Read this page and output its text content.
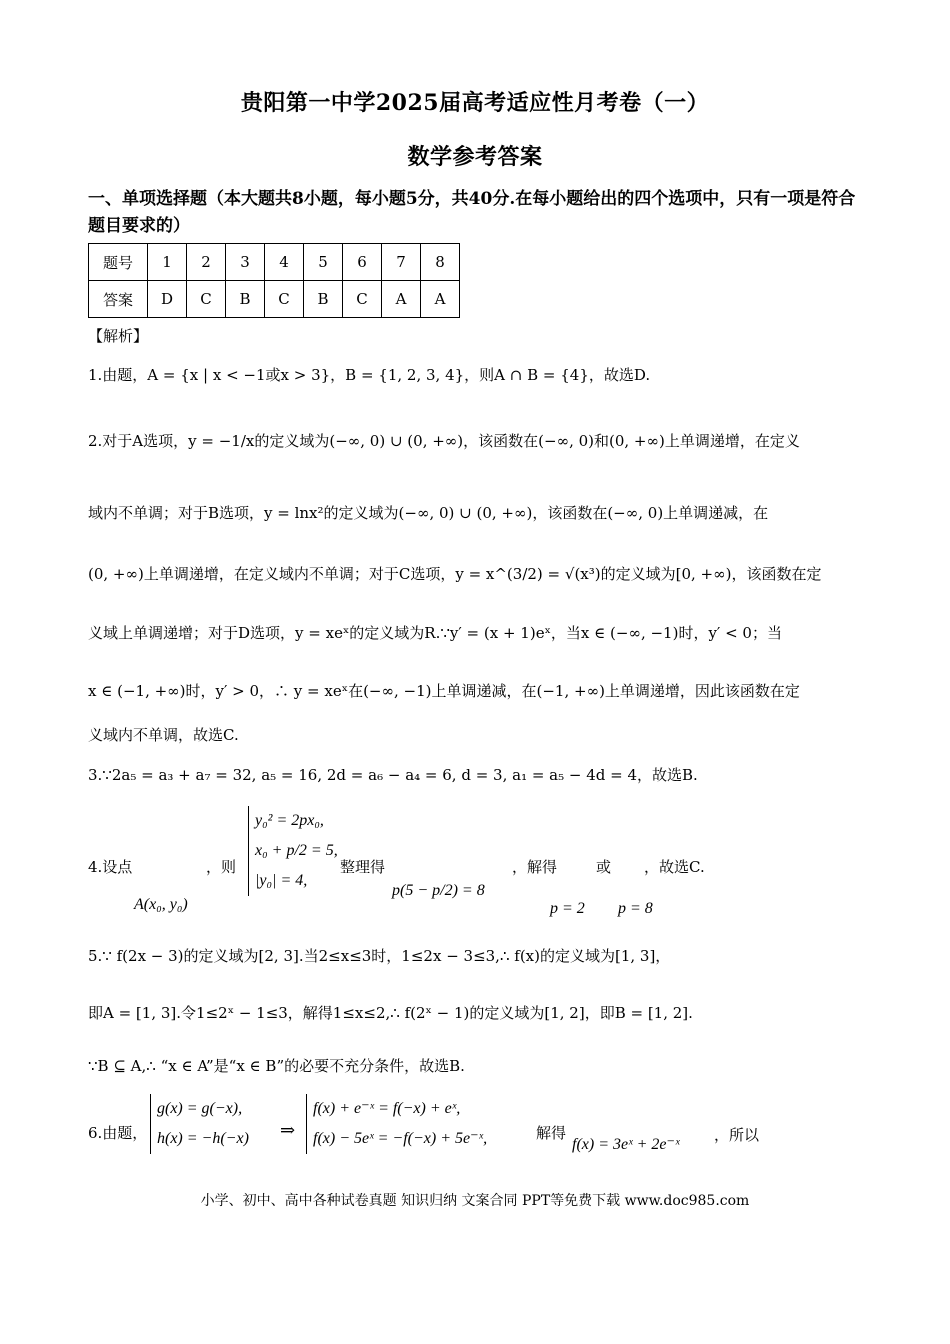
贵阳第一中学2025届高考适应性月考卷（一）
数学参考答案
一、单项选择题（本大题共8小题，每小题5分，共40分.在每小题给出的四个选项中，只有一项是符合题目要求的）
题号	1	2	3	4	5	6	7	8
答案	D	C	B	C	B	C	A	A
【解析】
1.由题，A = {x | x < −1或x > 3}，B = {1, 2, 3, 4}，则A ∩ B = {4}，故选D.
2.对于A选项，y = −1/x的定义域为(−∞, 0) ∪ (0, +∞)，该函数在(−∞, 0)和(0, +∞)上单调递增，在定义
域内不单调；对于B选项，y = lnx²的定义域为(−∞, 0) ∪ (0, +∞)，该函数在(−∞, 0)上单调递减，在
(0, +∞)上单调递增，在定义域内不单调；对于C选项，y = x^(3/2) = √(x³)的定义域为[0, +∞)，该函数在定
义域上单调递增；对于D选项，y = xeˣ的定义域为R.∵y′ = (x + 1)eˣ，当x ∈ (−∞, −1)时，y′ < 0；当
x ∈ (−1, +∞)时，y′ > 0，∴ y = xeˣ在(−∞, −1)上单调递减，在(−1, +∞)上单调递增，因此该函数在定
义域内不单调，故选C.
3.∵2a₅ = a₃ + a₇ = 32, a₅ = 16, 2d = a₆ − a₄ = 6, d = 3, a₁ = a₅ − 4d = 4，故选B.
4.设点
A(x₀, y₀)
，则
y₀² = 2px₀,
x₀ + p/2 = 5,
|y₀| = 4,
整理得
p(5 − p/2) = 8
，解得
p = 2
或
p = 8
，故选C.
5.∵ f(2x − 3)的定义域为[2, 3].当2≤x≤3时，1≤2x − 3≤3,∴ f(x)的定义域为[1, 3]，
即A = [1, 3].令1≤2ˣ − 1≤3，解得1≤x≤2,∴ f(2ˣ − 1)的定义域为[1, 2]，即B = [1, 2].
∵B ⊆ A,∴ “x ∈ A”是“x ∈ B”的必要不充分条件，故选B.
6.由题，
g(x) = g(−x),
h(x) = −h(−x) ⇒
f(x) + e⁻ˣ = f(−x) + eˣ,
f(x) − 5eˣ = −f(−x) + 5e⁻ˣ,	解得
f(x) = 3eˣ + 2e⁻ˣ
，所以
小学、初中、高中各种试卷真题 知识归纳 文案合同 PPT等免费下载 www.doc985.com
